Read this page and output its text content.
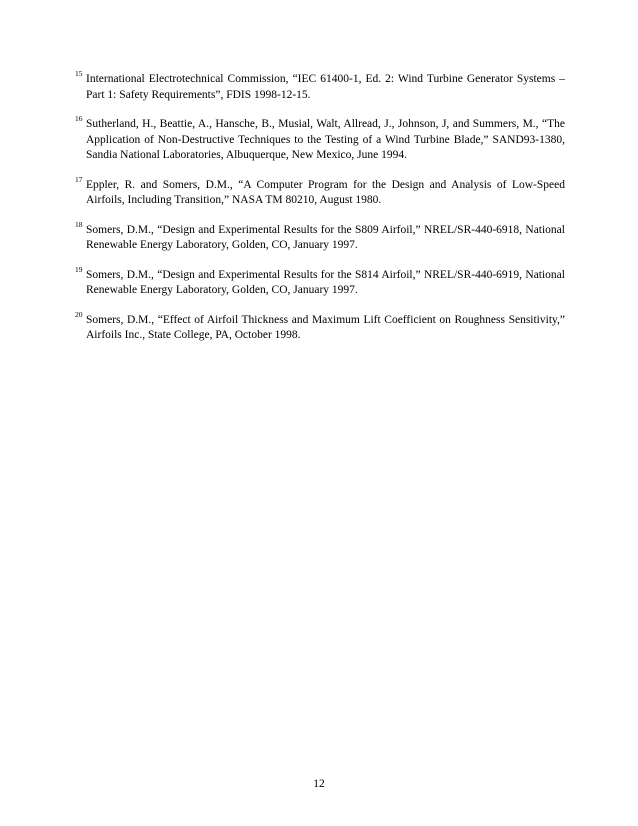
15 International Electrotechnical Commission, “IEC 61400-1, Ed. 2: Wind Turbine Generator Systems –
Part 1: Safety Requirements”, FDIS 1998-12-15.
16 Sutherland, H., Beattie, A., Hansche, B., Musial, Walt, Allread, J., Johnson, J, and Summers, M., “The
Application of Non-Destructive Techniques to the Testing of a Wind Turbine Blade,” SAND93-1380,
Sandia National Laboratories, Albuquerque, New Mexico, June 1994.
17 Eppler, R. and Somers, D.M., “A Computer Program for the Design and Analysis of Low-Speed
Airfoils, Including Transition,” NASA TM 80210, August 1980.
18 Somers, D.M., “Design and Experimental Results for the S809 Airfoil,” NREL/SR-440-6918, National
Renewable Energy Laboratory, Golden, CO, January 1997.
19 Somers, D.M., “Design and Experimental Results for the S814 Airfoil,” NREL/SR-440-6919, National
Renewable Energy Laboratory, Golden, CO, January 1997.
20 Somers, D.M., “Effect of Airfoil Thickness and Maximum Lift Coefficient on Roughness Sensitivity,”
Airfoils Inc., State College, PA, October 1998.
12
